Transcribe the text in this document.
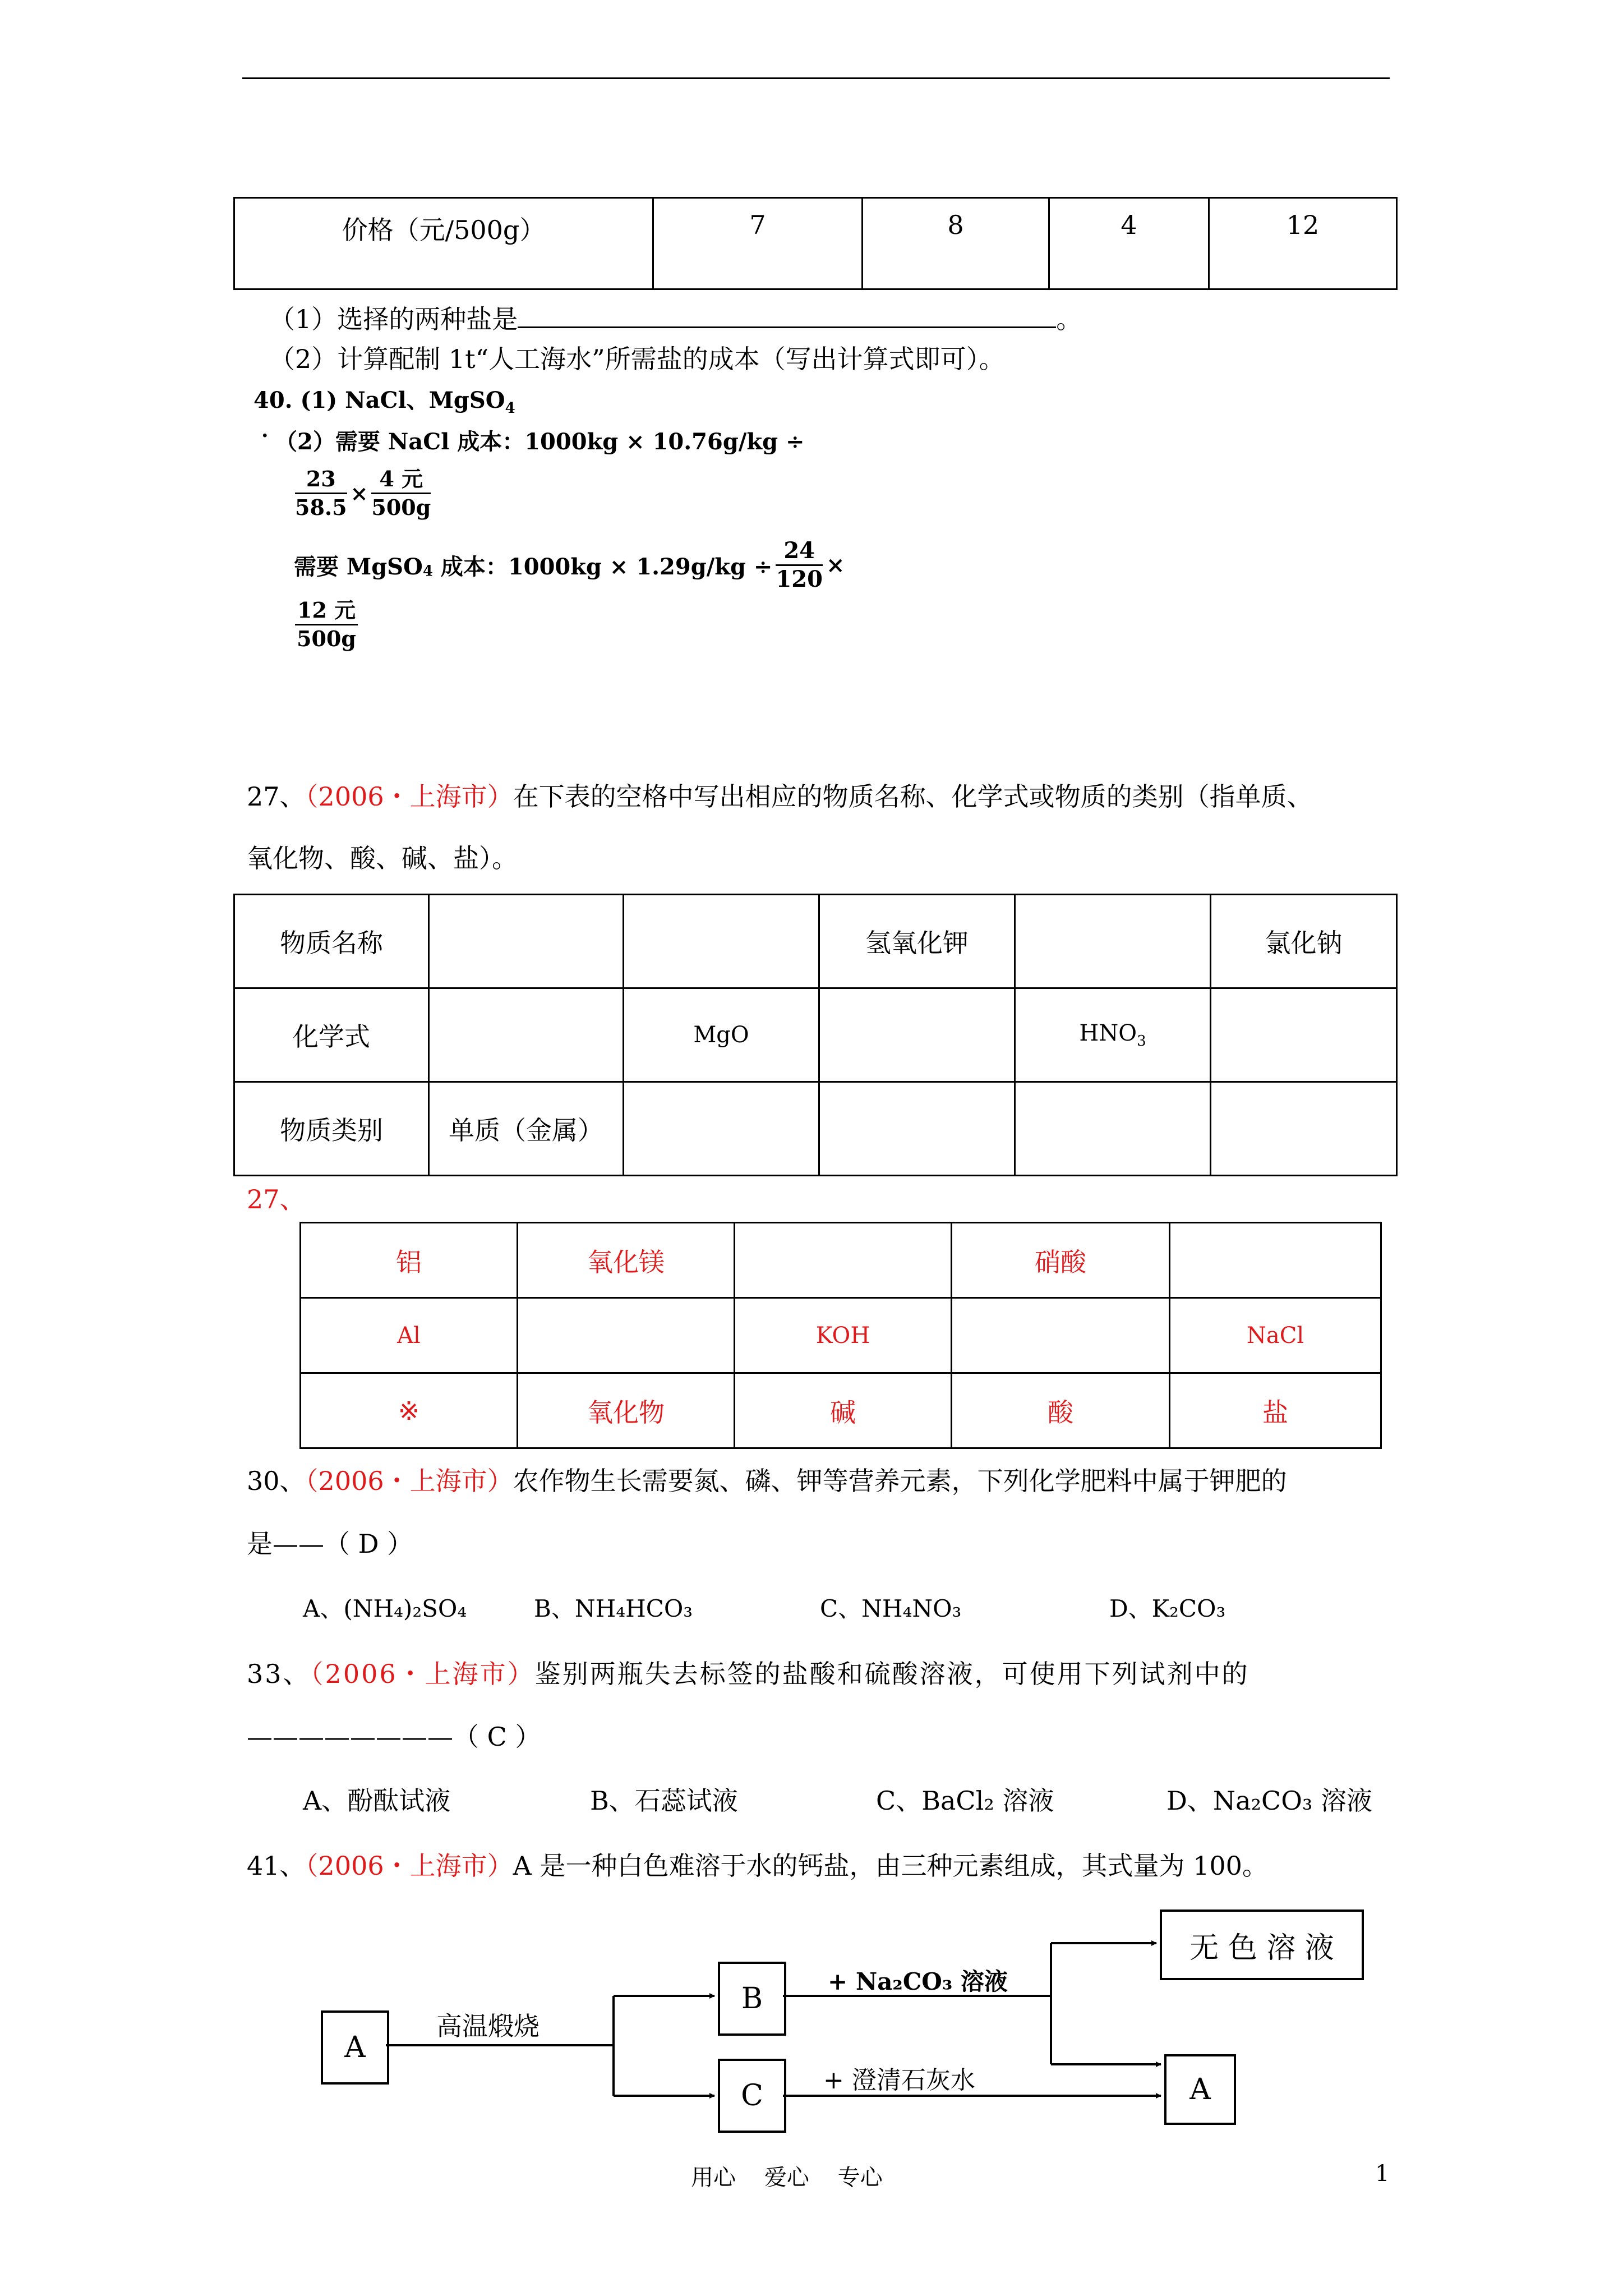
价格（元/500g）	7	8	4	12
（1）选择的两种盐是	。
（2）计算配制 1t“人工海水”所需盐的成本（写出计算式即可）。
40. (1) NaCl、MgSO$_4$
· （2）需要 NaCl 成本：1000kg × 10.76g/kg ÷
$\frac{23}{58.5} \times \frac{\text{4 元}}{500g}$
需要 MgSO$_4$ 成本：$1000kg \times 1.29g/kg \div \frac{24}{120}$ ×
$\frac{\text{12 元}}{500g}$
27、（2006・上海市）在下表的空格中写出相应的物质名称、化学式或物质的类别（指单质、
氧化物、酸、碱、盐）。
物质名称			氢氧化钾		氯化钠
化学式		MgO		$HNO_3$	
物质类别	单质（金属）				
27、
铝	氧化镁		硝酸	
Al		KOH		NaCl
※	氧化物	碱	酸	盐
30、（2006・上海市）农作物生长需要氮、磷、钾等营养元素，下列化学肥料中属于钾肥的
是——（ D ）
A、(NH₄)₂SO₄	B、NH₄HCO₃	C、NH₄NO₃	D、K₂CO₃
33、（2006・上海市）鉴别两瓶失去标签的盐酸和硫酸溶液，可使用下列试剂中的
————————（ C ）
A、酚酞试液	B、石蕊试液	C、BaCl₂ 溶液	D、Na₂CO₃ 溶液
41、（2006・上海市）A 是一种白色难溶于水的钙盐，由三种元素组成，其式量为 100。
A
B
C
无 色 溶 液
A
高温煅烧
+ Na₂CO₃ 溶液
+ 澄清石灰水
用心    爱心    专心	1
